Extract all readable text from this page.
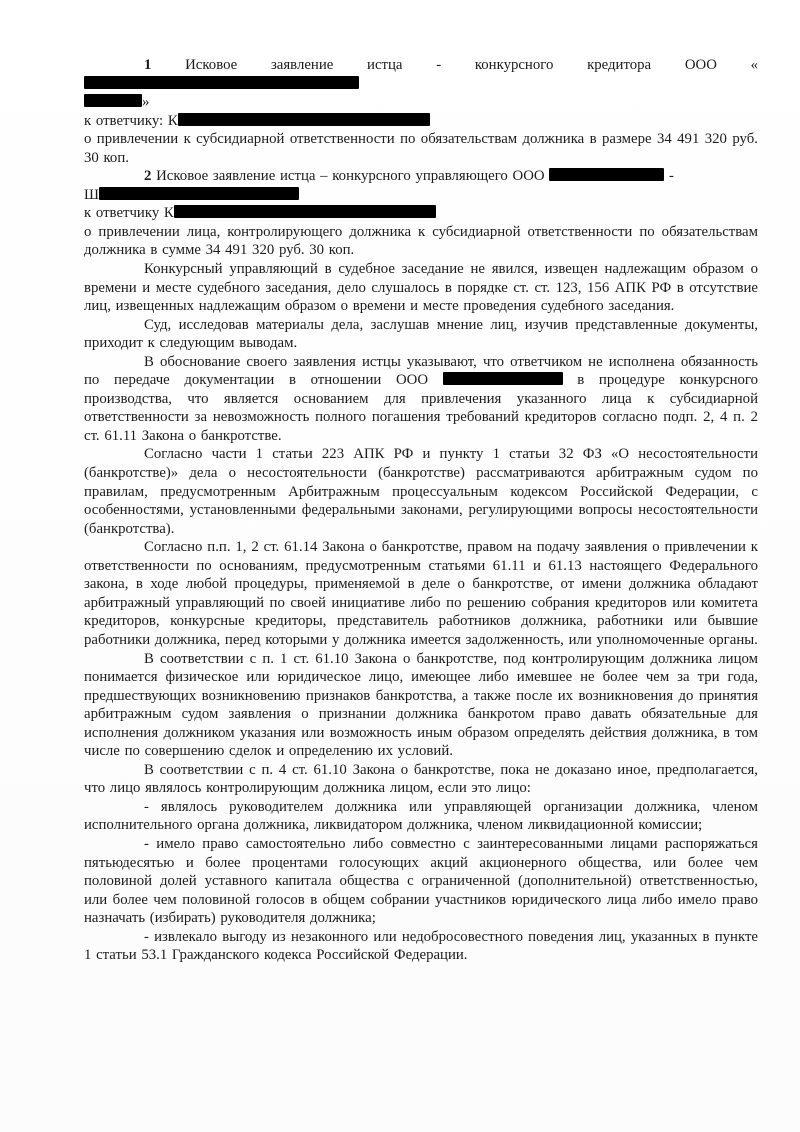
1 Исковое заявление истца - конкурсного кредитора ООО «
»

к ответчику: К

о привлечении к субсидиарной ответственности по обязательствам должника в размере 34 491 320 руб. 30 коп.

2 Исковое заявление истца – конкурсного управляющего ООО	-
Ш

к ответчику К

о привлечении лица, контролирующего должника к субсидиарной ответственности по обязательствам должника в сумме 34 491 320 руб. 30 коп.

Конкурсный управляющий в судебное заседание не явился, извещен надлежащим образом о времени и месте судебного заседания, дело слушалось в порядке ст. ст. 123, 156 АПК РФ в отсутствие лиц, извещенных надлежащим образом о времени и месте проведения судебного заседания.

Суд, исследовав материалы дела, заслушав мнение лиц, изучив представленные документы, приходит к следующим выводам.

В обоснование своего заявления истцы указывают, что ответчиком не исполнена обязанность по передаче документации в отношении ООО	в процедуре конкурсного производства, что является основанием для привлечения указанного лица к субсидиарной ответственности за невозможность полного погашения требований кредиторов согласно подп. 2, 4 п. 2 ст. 61.11 Закона о банкротстве.

Согласно части 1 статьи 223 АПК РФ и пункту 1 статьи 32 ФЗ «О несостоятельности (банкротстве)» дела о несостоятельности (банкротстве) рассматриваются арбитражным судом по правилам, предусмотренным Арбитражным процессуальным кодексом Российской Федерации, с особенностями, установленными федеральными законами, регулирующими вопросы несостоятельности (банкротства).

Согласно п.п. 1, 2 ст. 61.14 Закона о банкротстве, правом на подачу заявления о привлечении к ответственности по основаниям, предусмотренным статьями 61.11 и 61.13 настоящего Федерального закона, в ходе любой процедуры, применяемой в деле о банкротстве, от имени должника обладают арбитражный управляющий по своей инициативе либо по решению собрания кредиторов или комитета кредиторов, конкурсные кредиторы, представитель работников должника, работники или бывшие работники должника, перед которыми у должника имеется задолженность, или уполномоченные органы.

В соответствии с п. 1 ст. 61.10 Закона о банкротстве, под контролирующим должника лицом понимается физическое или юридическое лицо, имеющее либо имевшее не более чем за три года, предшествующих возникновению признаков банкротства, а также после их возникновения до принятия арбитражным судом заявления о признании должника банкротом право давать обязательные для исполнения должником указания или возможность иным образом определять действия должника, в том числе по совершению сделок и определению их условий.

В соответствии с п. 4 ст. 61.10 Закона о банкротстве, пока не доказано иное, предполагается, что лицо являлось контролирующим должника лицом, если это лицо:

- являлось руководителем должника или управляющей организации должника, членом исполнительного органа должника, ликвидатором должника, членом ликвидационной комиссии;

- имело право самостоятельно либо совместно с заинтересованными лицами распоряжаться пятьюдесятью и более процентами голосующих акций акционерного общества, или более чем половиной долей уставного капитала общества с ограниченной (дополнительной) ответственностью, или более чем половиной голосов в общем собрании участников юридического лица либо имело право назначать (избирать) руководителя должника;

- извлекало выгоду из незаконного или недобросовестного поведения лиц, указанных в пункте 1 статьи 53.1 Гражданского кодекса Российской Федерации.
